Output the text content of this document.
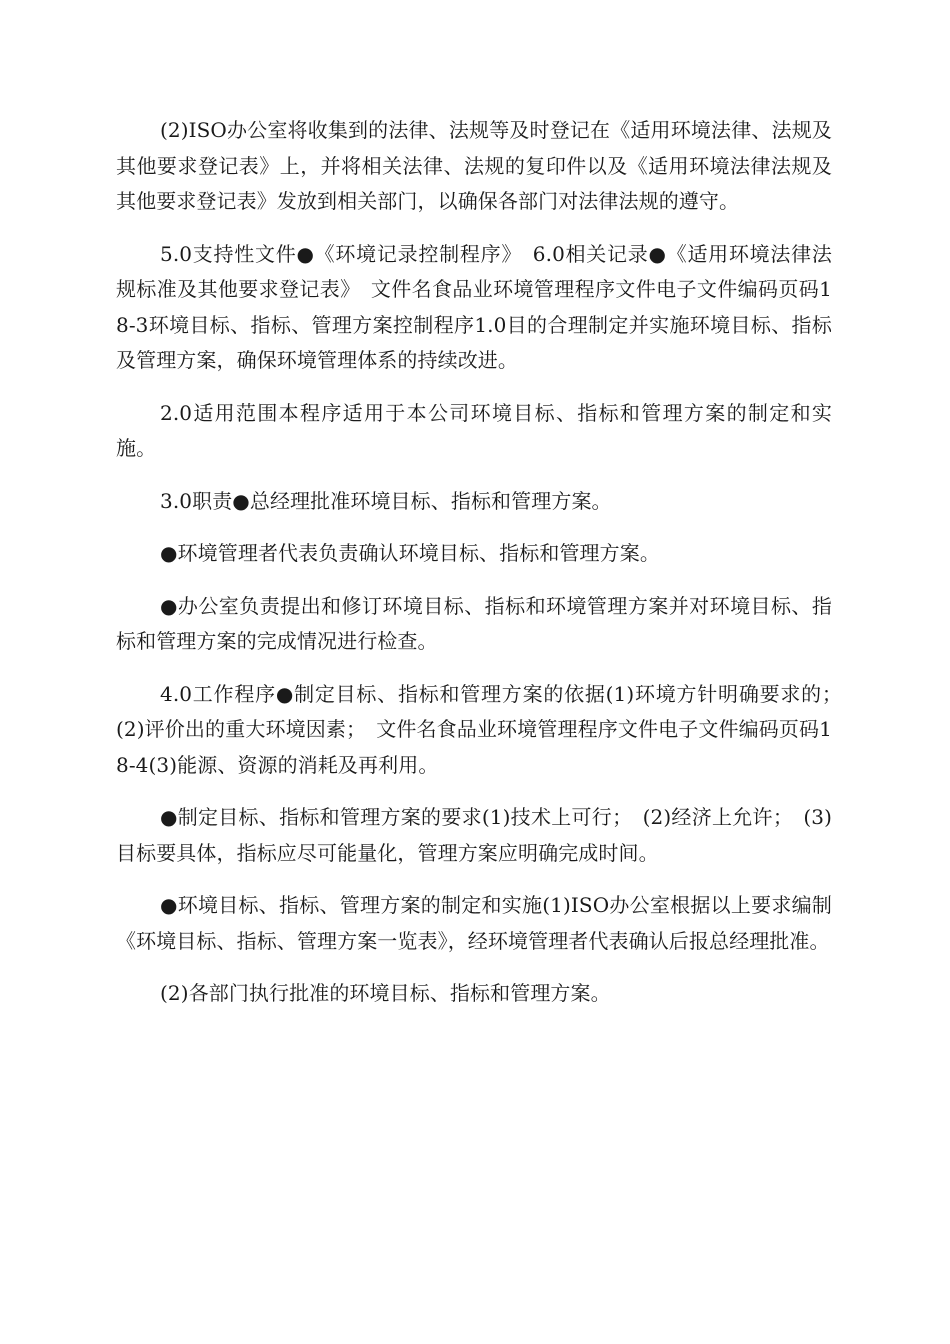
(2)ISO办公室将收集到的法律、法规等及时登记在《适用环境法律、法规及其他要求登记表》上，并将相关法律、法规的复印件以及《适用环境法律法规及其他要求登记表》发放到相关部门，以确保各部门对法律法规的遵守。

5.0支持性文件●《环境记录控制程序》　6.0相关记录●《适用环境法律法规标准及其他要求登记表》　文件名食品业环境管理程序文件电子文件编码页码18-3环境目标、指标、管理方案控制程序1.0目的合理制定并实施环境目标、指标及管理方案，确保环境管理体系的持续改进。

2.0适用范围本程序适用于本公司环境目标、指标和管理方案的制定和实施。

3.0职责●总经理批准环境目标、指标和管理方案。

●环境管理者代表负责确认环境目标、指标和管理方案。

●办公室负责提出和修订环境目标、指标和环境管理方案并对环境目标、指标和管理方案的完成情况进行检查。

4.0工作程序●制定目标、指标和管理方案的依据(1)环境方针明确要求的；　(2)评价出的重大环境因素；　文件名食品业环境管理程序文件电子文件编码页码18-4(3)能源、资源的消耗及再利用。

●制定目标、指标和管理方案的要求(1)技术上可行；　(2)经济上允许；　(3)目标要具体，指标应尽可能量化，管理方案应明确完成时间。

●环境目标、指标、管理方案的制定和实施(1)ISO办公室根据以上要求编制《环境目标、指标、管理方案一览表》，经环境管理者代表确认后报总经理批准。

(2)各部门执行批准的环境目标、指标和管理方案。
